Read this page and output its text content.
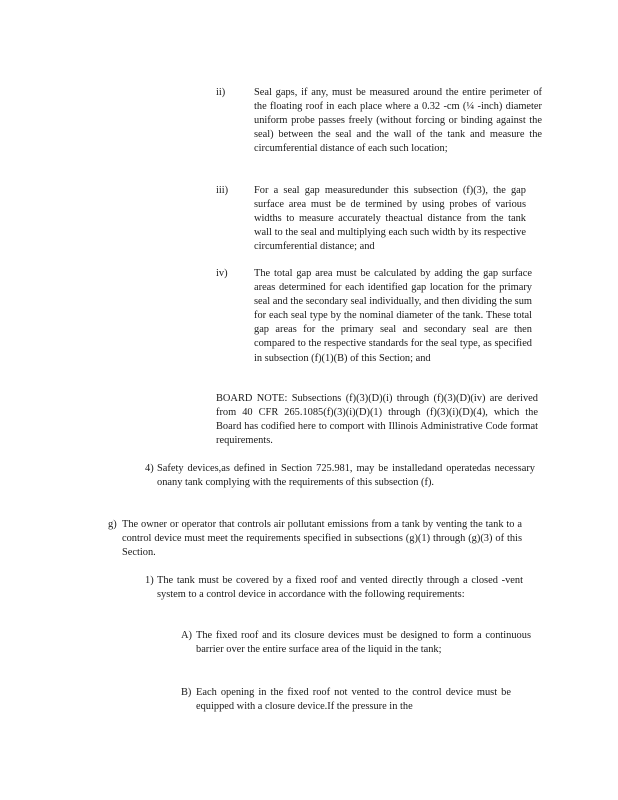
ii)	Seal gaps, if any, must be measured around the entire perimeter of the floating roof in each place where a 0.32 -cm (¼ -inch) diameter uniform probe passes freely (without forcing or binding against the seal) between the seal and the wall of the tank and measure the circumferential distance of each such location;
iii)	For a seal gap measuredunder this subsection (f)(3), the gap surface area must be de termined by using probes of various widths to measure accurately theactual distance from the tank wall to the seal and multiplying each such width by its respective circumferential distance; and
iv)	The total gap area must be calculated by adding the gap surface areas determined for each identified gap location for the primary seal and the secondary seal individually, and then dividing the sum for each seal type by the nominal diameter of the tank. These total gap areas for the primary seal and secondary seal are then compared to the respective standards for the seal type, as specified in subsection (f)(1)(B) of this Section; and

BOARD NOTE: Subsections (f)(3)(D)(i) through (f)(3)(D)(iv) are derived from 40 CFR 265.1085(f)(3)(i)(D)(1) through (f)(3)(i)(D)(4), which the Board has codified here to comport with Illinois Administrative Code format requirements.

4) Safety devices,as defined in Section 725.981, may be installedand operatedas necessary onany tank complying with the requirements of this subsection (f).
g) The owner or operator that controls air pollutant emissions from a tank by venting the tank to a control device must meet the requirements specified in subsections (g)(1) through (g)(3) of this Section.
1) The tank must be covered by a fixed roof and vented directly through a closed -vent system to a control device in accordance with the following requirements:
A) The fixed roof and its closure devices must be designed to form a continuous barrier over the entire surface area of the liquid in the tank;
B) Each opening in the fixed roof not vented to the control device must be equipped with a closure device.If the pressure in the
